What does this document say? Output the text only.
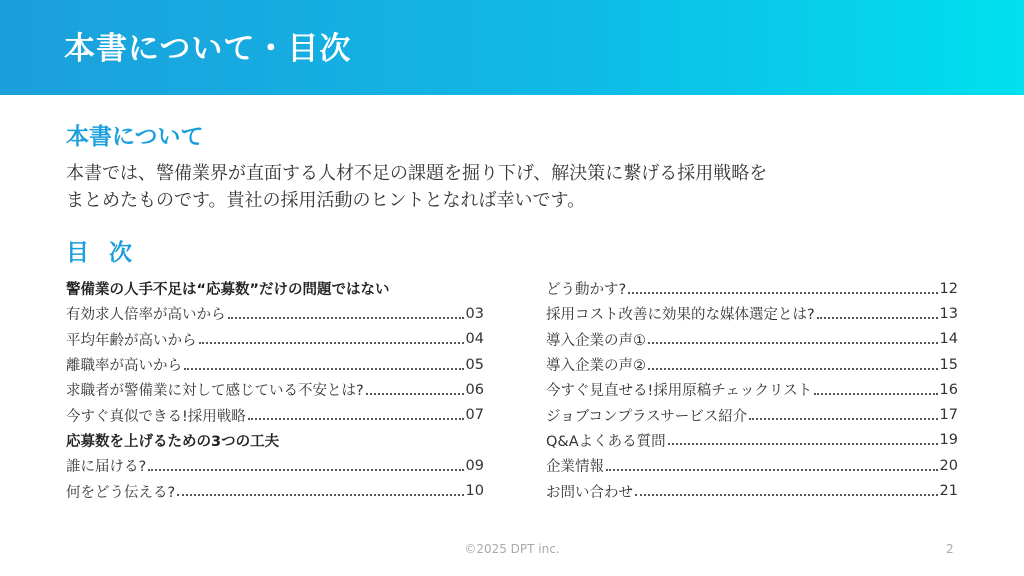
本書について・目次
本書について
本書では、警備業界が直面する人材不足の課題を掘り下げ、解決策に繋げる採用戦略を
まとめたものです。貴社の採用活動のヒントとなれば幸いです。
目 次
警備業の人手不足は“応募数”だけの問題ではない
有効求人倍率が高いから	03
平均年齢が高いから	04
離職率が高いから	05
求職者が警備業に対して感じている不安とは?	06
今すぐ真似できる!採用戦略	07
応募数を上げるための3つの工夫
誰に届ける?	09
何をどう伝える?	10
どう動かす?	12
採用コスト改善に効果的な媒体選定とは?	13
導入企業の声①	14
導入企業の声②	15
今すぐ見直せる!採用原稿チェックリスト	16
ジョブコンプラスサービス紹介	17
Q&Aよくある質問	19
企業情報	20
お問い合わせ	21
©2025 DPT inc.	2
